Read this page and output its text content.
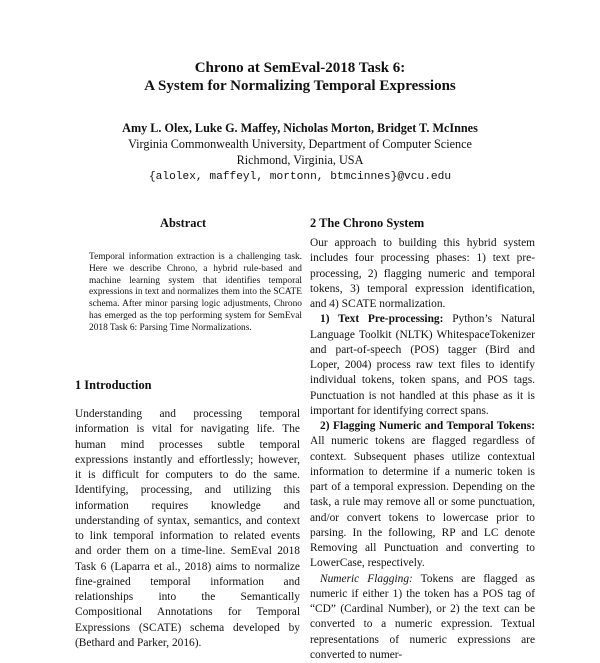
Chrono at SemEval-2018 Task 6:
A System for Normalizing Temporal Expressions
Amy L. Olex, Luke G. Maffey, Nicholas Morton, Bridget T. McInnes
Virginia Commonwealth University, Department of Computer Science
Richmond, Virginia, USA
{alolex, maffeyl, mortonn, btmcinnes}@vcu.edu
Abstract
Temporal information extraction is a challenging task. Here we describe Chrono, a hybrid rule-based and machine learning system that identifies temporal expressions in text and normalizes them into the SCATE schema. After minor parsing logic adjustments, Chrono has emerged as the top performing system for SemEval 2018 Task 6: Parsing Time Normalizations.
1 Introduction

Understanding and processing temporal information is vital for navigating life. The human mind processes subtle temporal expressions instantly and effortlessly; however, it is difficult for computers to do the same. Identifying, processing, and utilizing this information requires knowledge and understanding of syntax, semantics, and context to link temporal information to related events and order them on a time-line. SemEval 2018 Task 6 (Laparra et al., 2018) aims to normalize fine-grained temporal information and relationships into the Semantically Compositional Annotations for Temporal Expressions (SCATE) schema developed by (Bethard and Parker, 2016).

2 The Chrono System

Our approach to building this hybrid system includes four processing phases: 1) text pre-processing, 2) flagging numeric and temporal tokens, 3) temporal expression identification, and 4) SCATE normalization.

1) Text Pre-processing: Python’s Natural Language Toolkit (NLTK) WhitespaceTokenizer and part-of-speech (POS) tagger (Bird and Loper, 2004) process raw text files to identify individual tokens, token spans, and POS tags. Punctuation is not handled at this phase as it is important for identifying correct spans.

2) Flagging Numeric and Temporal Tokens: All numeric tokens are flagged regardless of context. Subsequent phases utilize contextual information to determine if a numeric token is part of a temporal expression. Depending on the task, a rule may remove all or some punctuation, and/or convert tokens to lowercase prior to parsing. In the following, RP and LC denote Removing all Punctuation and converting to LowerCase, respectively.

Numeric Flagging: Tokens are flagged as numeric if either 1) the token has a POS tag of “CD” (Cardinal Number), or 2) the text can be converted to a numeric expression. Textual representations of numeric expressions are converted to numer-
